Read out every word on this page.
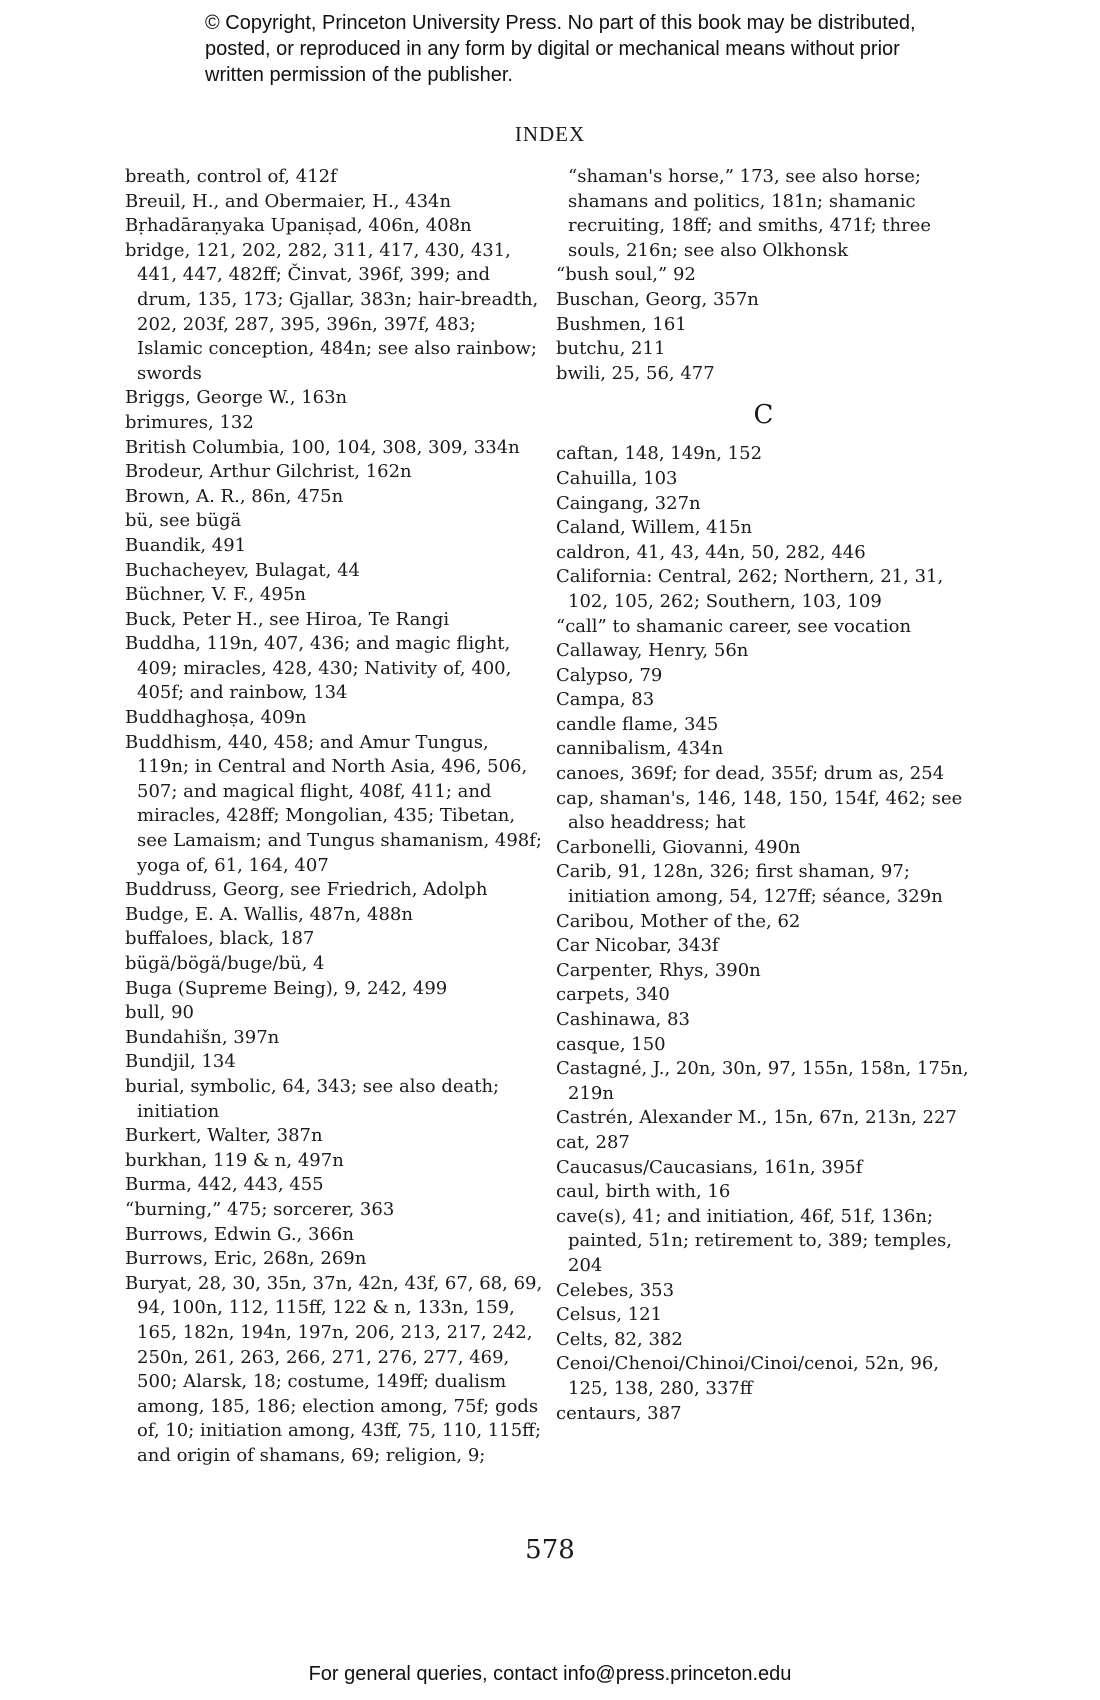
© Copyright, Princeton University Press. No part of this book may be distributed, posted, or reproduced in any form by digital or mechanical means without prior written permission of the publisher.
INDEX
breath, control of, 412f
Breuil, H., and Obermaier, H., 434n
Bṛhadāraṇyaka Upaniṣad, 406n, 408n
bridge, 121, 202, 282, 311, 417, 430, 431, 441, 447, 482ff; Činvat, 396f, 399; and drum, 135, 173; Gjallar, 383n; hair-breadth, 202, 203f, 287, 395, 396n, 397f, 483; Islamic conception, 484n; see also rainbow; swords
Briggs, George W., 163n
brimures, 132
British Columbia, 100, 104, 308, 309, 334n
Brodeur, Arthur Gilchrist, 162n
Brown, A. R., 86n, 475n
bü, see bügä
Buandik, 491
Buchacheyev, Bulagat, 44
Büchner, V. F., 495n
Buck, Peter H., see Hiroa, Te Rangi
Buddha, 119n, 407, 436; and magic flight, 409; miracles, 428, 430; Nativity of, 400, 405f; and rainbow, 134
Buddhaghoṣa, 409n
Buddhism, 440, 458; and Amur Tungus, 119n; in Central and North Asia, 496, 506, 507; and magical flight, 408f, 411; and miracles, 428ff; Mongolian, 435; Tibetan, see Lamaism; and Tungus shamanism, 498f; yoga of, 61, 164, 407
Buddruss, Georg, see Friedrich, Adolph
Budge, E. A. Wallis, 487n, 488n
buffaloes, black, 187
bügä/bögä/buge/bü, 4
Buga (Supreme Being), 9, 242, 499
bull, 90
Bundahišn, 397n
Bundjil, 134
burial, symbolic, 64, 343; see also death; initiation
Burkert, Walter, 387n
burkhan, 119 & n, 497n
Burma, 442, 443, 455
“burning,” 475; sorcerer, 363
Burrows, Edwin G., 366n
Burrows, Eric, 268n, 269n
Buryat, 28, 30, 35n, 37n, 42n, 43f, 67, 68, 69, 94, 100n, 112, 115ff, 122 & n, 133n, 159, 165, 182n, 194n, 197n, 206, 213, 217, 242, 250n, 261, 263, 266, 271, 276, 277, 469, 500; Alarsk, 18; costume, 149ff; dualism among, 185, 186; election among, 75f; gods of, 10; initiation among, 43ff, 75, 110, 115ff; and origin of shamans, 69; religion, 9;
“shaman's horse,” 173, see also horse; shamans and politics, 181n; shamanic recruiting, 18ff; and smiths, 471f; three souls, 216n; see also Olkhonsk
“bush soul,” 92
Buschan, Georg, 357n
Bushmen, 161
butchu, 211
bwili, 25, 56, 477
C
caftan, 148, 149n, 152
Cahuilla, 103
Caingang, 327n
Caland, Willem, 415n
caldron, 41, 43, 44n, 50, 282, 446
California: Central, 262; Northern, 21, 31, 102, 105, 262; Southern, 103, 109
“call” to shamanic career, see vocation
Callaway, Henry, 56n
Calypso, 79
Campa, 83
candle flame, 345
cannibalism, 434n
canoes, 369f; for dead, 355f; drum as, 254
cap, shaman's, 146, 148, 150, 154f, 462; see also headdress; hat
Carbonelli, Giovanni, 490n
Carib, 91, 128n, 326; first shaman, 97; initiation among, 54, 127ff; séance, 329n
Caribou, Mother of the, 62
Car Nicobar, 343f
Carpenter, Rhys, 390n
carpets, 340
Cashinawa, 83
casque, 150
Castagné, J., 20n, 30n, 97, 155n, 158n, 175n, 219n
Castrén, Alexander M., 15n, 67n, 213n, 227
cat, 287
Caucasus/Caucasians, 161n, 395f
caul, birth with, 16
cave(s), 41; and initiation, 46f, 51f, 136n; painted, 51n; retirement to, 389; temples, 204
Celebes, 353
Celsus, 121
Celts, 82, 382
Cenoi/Chenoi/Chinoi/Cinoi/cenoi, 52n, 96, 125, 138, 280, 337ff
centaurs, 387
578
For general queries, contact info@press.princeton.edu
